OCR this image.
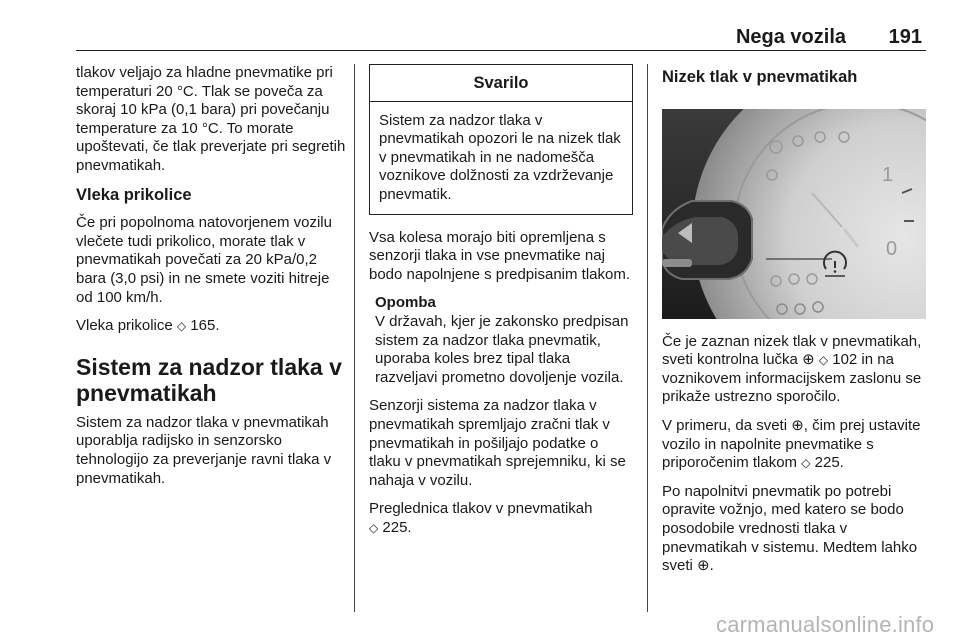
Nega vozila 191

tlakov veljajo za hladne pnevmatike pri temperaturi 20 °C. Tlak se poveča za skoraj 10 kPa (0,1 bara) pri povečanju temperature za 10 °C. To morate upoštevati, če tlak preverjate pri segretih pnevmatikah.

Vleka prikolice

Če pri popolnoma natovorjenem vozilu vlečete tudi prikolico, morate tlak v pnevmatikah povečati za 20 kPa/0,2 bara (3,0 psi) in ne smete voziti hitreje od 100 km/h.

Vleka prikolice ◇ 165.

Sistem za nadzor tlaka v pnevmatikah

Sistem za nadzor tlaka v pnevmatikah uporablja radijsko in senzorsko tehnologijo za preverjanje ravni tlaka v pnevmatikah.

Svarilo
Sistem za nadzor tlaka v pnevmatikah opozori le na nizek tlak v pnevmatikah in ne nadomešča voznikove dolžnosti za vzdrževanje pnevmatik.

Vsa kolesa morajo biti opremljena s senzorji tlaka in vse pnevmatike naj bodo napolnjene s predpisanim tlakom.

Opomba
V državah, kjer je zakonsko predpisan sistem za nadzor tlaka pnevmatik, uporaba koles brez tipal tlaka razveljavi prometno dovoljenje vozila.

Senzorji sistema za nadzor tlaka v pnevmatikah spremljajo zračni tlak v pnevmatikah in pošiljajo podatke o tlaku v pnevmatikah sprejemniku, ki se nahaja v vozilu.

Preglednica tlakov v pnevmatikah
◇ 225.

Nizek tlak v pnevmatikah
1
0

Če je zaznan nizek tlak v pnevmatikah, sveti kontrolna lučka ⊕ ◇ 102 in na voznikovem informacijskem zaslonu se prikaže ustrezno sporočilo.

V primeru, da sveti ⊕, čim prej ustavite vozilo in napolnite pnevmatike s priporočenim tlakom ◇ 225.

Po napolnitvi pnevmatik po potrebi opravite vožnjo, med katero se bodo posodobile vrednosti tlaka v pnevmatikah v sistemu. Medtem lahko sveti ⊕.

carmanualsonline.info
